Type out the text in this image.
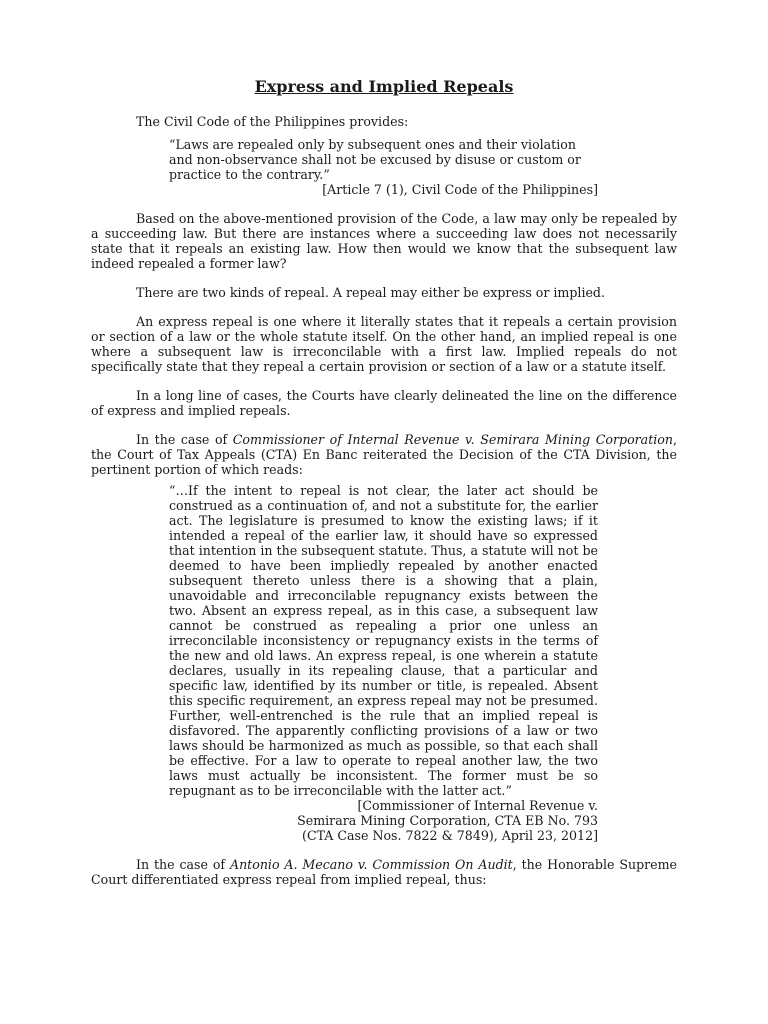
Express and Implied Repeals

The Civil Code of the Philippines provides:

“Laws are repealed only by subsequent ones and their violation and non-observance shall not be excused by disuse or custom or practice to the contrary.”

[Article 7 (1), Civil Code of the Philippines]

Based on the above-mentioned provision of the Code, a law may only be repealed by a succeeding law. But there are instances where a succeeding law does not necessarily state that it repeals an existing law. How then would we know that the subsequent law indeed repealed a former law?

There are two kinds of repeal. A repeal may either be express or implied.

An express repeal is one where it literally states that it repeals a certain provision or section of a law or the whole statute itself. On the other hand, an implied repeal is one where a subsequent law is irreconcilable with a first law. Implied repeals do not specifically state that they repeal a certain provision or section of a law or a statute itself.

In a long line of cases, the Courts have clearly delineated the line on the difference of express and implied repeals.

In the case of Commissioner of Internal Revenue v. Semirara Mining Corporation, the Court of Tax Appeals (CTA) En Banc reiterated the Decision of the CTA Division, the pertinent portion of which reads:

“…If the intent to repeal is not clear, the later act should be construed as a continuation of, and not a substitute for, the earlier act. The legislature is presumed to know the existing laws; if it intended a repeal of the earlier law, it should have so expressed that intention in the subsequent statute. Thus, a statute will not be deemed to have been impliedly repealed by another enacted subsequent thereto unless there is a showing that a plain, unavoidable and irreconcilable repugnancy exists between the two. Absent an express repeal, as in this case, a subsequent law cannot be construed as repealing a prior one unless an irreconcilable inconsistency or repugnancy exists in the terms of the new and old laws. An express repeal, is one wherein a statute declares, usually in its repealing clause, that a particular and specific law, identified by its number or title, is repealed. Absent this specific requirement, an express repeal may not be presumed. Further, well-entrenched is the rule that an implied repeal is disfavored. The apparently conflicting provisions of a law or two laws should be harmonized as much as possible, so that each shall be effective. For a law to operate to repeal another law, the two laws must actually be inconsistent. The former must be so repugnant as to be irreconcilable with the latter act.”

[Commissioner of Internal Revenue v.

Semirara Mining Corporation, CTA EB No. 793

(CTA Case Nos. 7822 & 7849), April 23, 2012]

In the case of Antonio A. Mecano v. Commission On Audit, the Honorable Supreme Court differentiated express repeal from implied repeal, thus:
